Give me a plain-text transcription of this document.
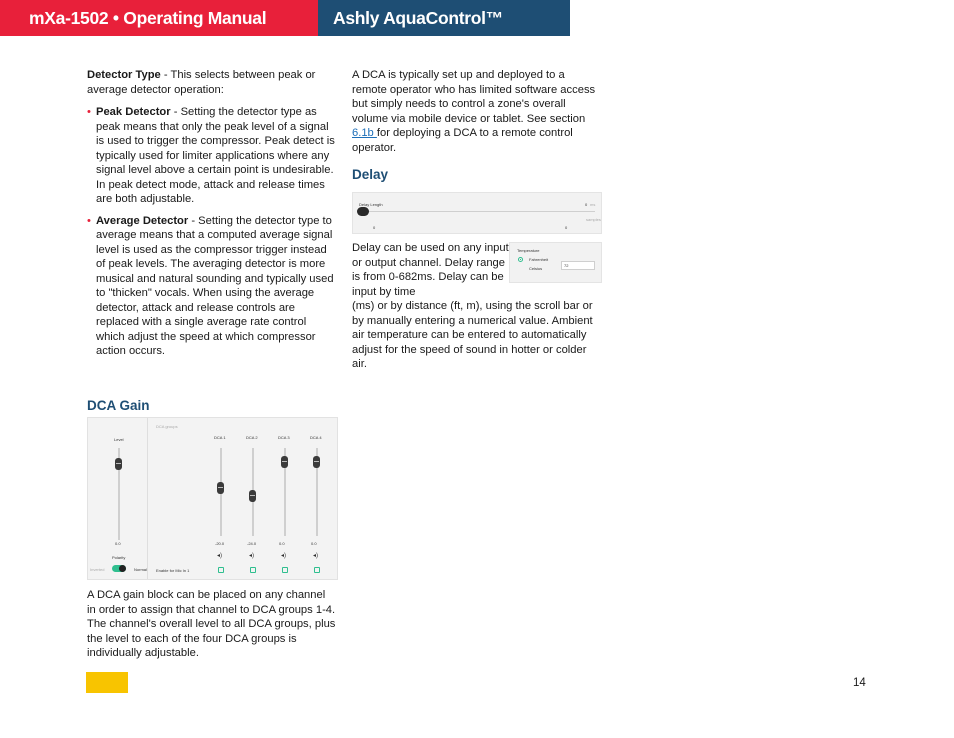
mXa-1502 • Operating Manual	Ashly AquaControl™ Software

Detector Type - This selects between peak or average detector operation:

• Peak Detector - Setting the detector type as peak means that only the peak level of a signal is used to trigger the compressor. Peak detect is typically used for limiter applications where any signal level above a certain point is undesirable. In peak detect mode, attack and release times are both adjustable.
• Average Detector - Setting the detector type to average means that a computed average signal level is used as the compressor trigger instead of peak levels. The averaging detector is more musical and natural sounding and typically used to "thicken" vocals. When using the average detector, attack and release controls are replaced with a single average rate control which adjust the speed at which compressor action occurs.
DCA Gain
Level
0.0
Polarity
Inverted	Normal
DCA groups
DCA 1
-20.0
◂)
DCA 2
-24.0
◂)
DCA 3
0.0
◂)
DCA 4
0.0
◂)
Enable for Mic In 1
A DCA gain block can be placed on any channel in order to assign that channel to DCA groups 1-4. The channel's overall level to all DCA groups, plus the level to each of the four DCA groups is individually adjustable.
A DCA is typically set up and deployed to a remote operator who has limited software access but simply needs to control a zone's overall volume via mobile device or tablet. See section 6.1b for deploying a DCA to a remote control operator.
Delay
Delay Length	0 ms
samples
0	0
Temperature
Fahrenheit
Celsius
72
Delay can be used on any input or output channel. Delay range is from 0-682ms. Delay can be input by time
(ms) or by distance (ft, m), using the scroll bar or by manually entering a numerical value. Ambient air temperature can be entered to automatically adjust for the speed of sound in hotter or colder air.
14
